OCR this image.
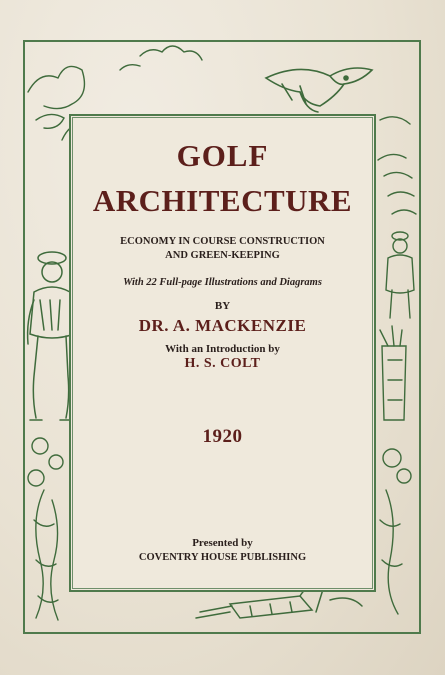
GOLF
ARCHITECTURE
ECONOMY IN COURSE CONSTRUCTION
AND GREEN-KEEPING
With 22 Full-page Illustrations and Diagrams
BY
DR. A. MACKENZIE
With an Introduction by
H. S. COLT
1920
Presented by
COVENTRY HOUSE PUBLISHING
